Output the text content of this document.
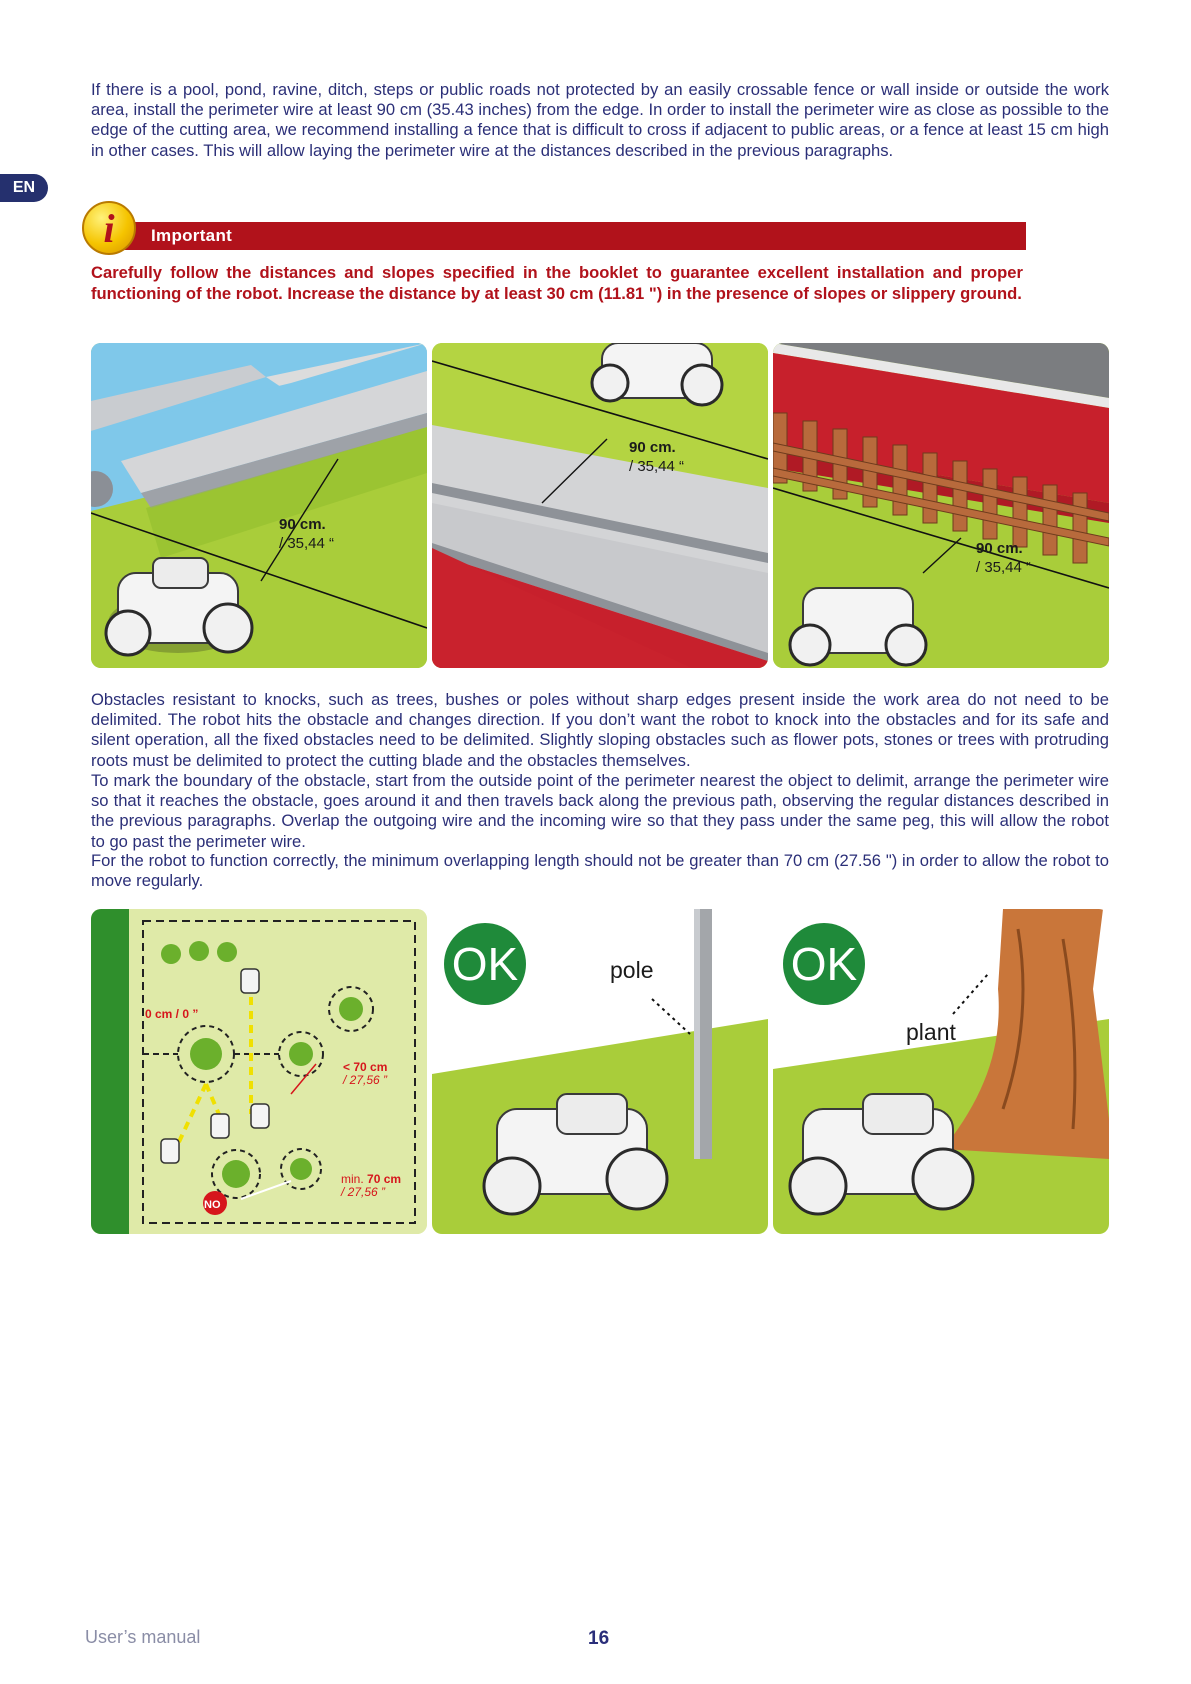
EN

If there is a pool, pond, ravine, ditch, steps or public roads not protected by an easily crossable fence or wall inside or outside the work area, install the perimeter wire at least 90 cm (35.43 inches) from the edge. In order to install the perimeter wire as close as possible to the edge of the cutting area, we recommend installing a fence that is difficult to cross if adjacent to public areas, or a fence at least 15 cm high in other cases. This will allow laying the perimeter wire at the distances described in the previous paragraphs.

i	Important

Carefully follow the distances and slopes specified in the booklet to guarantee excellent installation and proper functioning of the robot. Increase the distance by at least 30 cm (11.81 ") in the presence of slopes or slippery ground.

90 cm.
/ 35,44 “
90 cm.
/ 35,44 “
90 cm.
/ 35,44 “

Obstacles resistant to knocks, such as trees, bushes or poles without sharp edges present inside the work area do not need to be delimited. The robot hits the obstacle and changes direction. If you don’t want the robot to knock into the obstacles and for its safe and silent operation, all the fixed obstacles need to be delimited. Slightly sloping obstacles such as flower pots, stones or trees with protruding roots must be delimited to protect the cutting blade and the obstacles themselves.

To mark the boundary of the obstacle, start from the outside point of the perimeter nearest the object to delimit, arrange the perimeter wire so that it reaches the obstacle, goes around it and then travels back along the previous path, observing the regular distances described in the previous paragraphs. Overlap the outgoing wire and the incoming wire so that they pass under the same peg, this will allow the robot to go past the perimeter wire.

For the robot to function correctly, the minimum overlapping length should not be greater than 70 cm (27.56 ") in order to allow the robot to move regularly.

0 cm / 0 ”
< 70 cm
/ 27,56 ”
min. 70 cm
/ 27,56 ”
NO
OK	pole	OK
plant
User’s manual	16
